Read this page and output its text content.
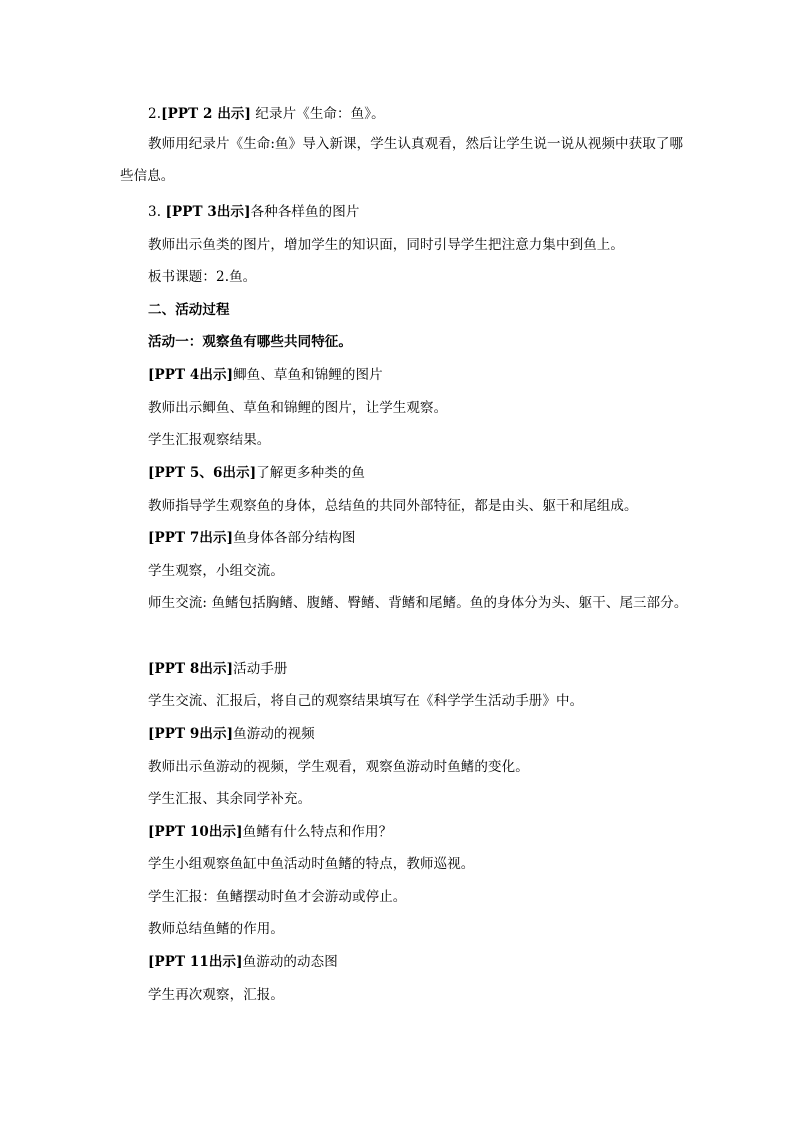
2.[PPT 2 出示] 纪录片《生命：鱼》。
教师用纪录片《生命:鱼》导入新课，学生认真观看，然后让学生说一说从视频中获取了哪些信息。
3. [PPT 3出示]各种各样鱼的图片
教师出示鱼类的图片，增加学生的知识面，同时引导学生把注意力集中到鱼上。
板书课题：2.鱼。
二、活动过程
活动一：观察鱼有哪些共同特征。
[PPT 4出示]鲫鱼、草鱼和锦鲤的图片
教师出示鲫鱼、草鱼和锦鲤的图片，让学生观察。
学生汇报观察结果。
[PPT 5、6出示]了解更多种类的鱼
教师指导学生观察鱼的身体，总结鱼的共同外部特征，都是由头、躯干和尾组成。
[PPT 7出示]鱼身体各部分结构图
学生观察，小组交流。
师生交流: 鱼鳍包括胸鳍、腹鳍、臀鳍、背鳍和尾鳍。鱼的身体分为头、躯干、尾三部分。
[PPT 8出示]活动手册
学生交流、汇报后，将自己的观察结果填写在《科学学生活动手册》中。
[PPT 9出示]鱼游动的视频
教师出示鱼游动的视频，学生观看，观察鱼游动时鱼鳍的变化。
学生汇报、其余同学补充。
[PPT 10出示]鱼鳍有什么特点和作用？
学生小组观察鱼缸中鱼活动时鱼鳍的特点，教师巡视。
学生汇报：鱼鳍摆动时鱼才会游动或停止。
教师总结鱼鳍的作用。
[PPT 11出示]鱼游动的动态图
学生再次观察，汇报。
